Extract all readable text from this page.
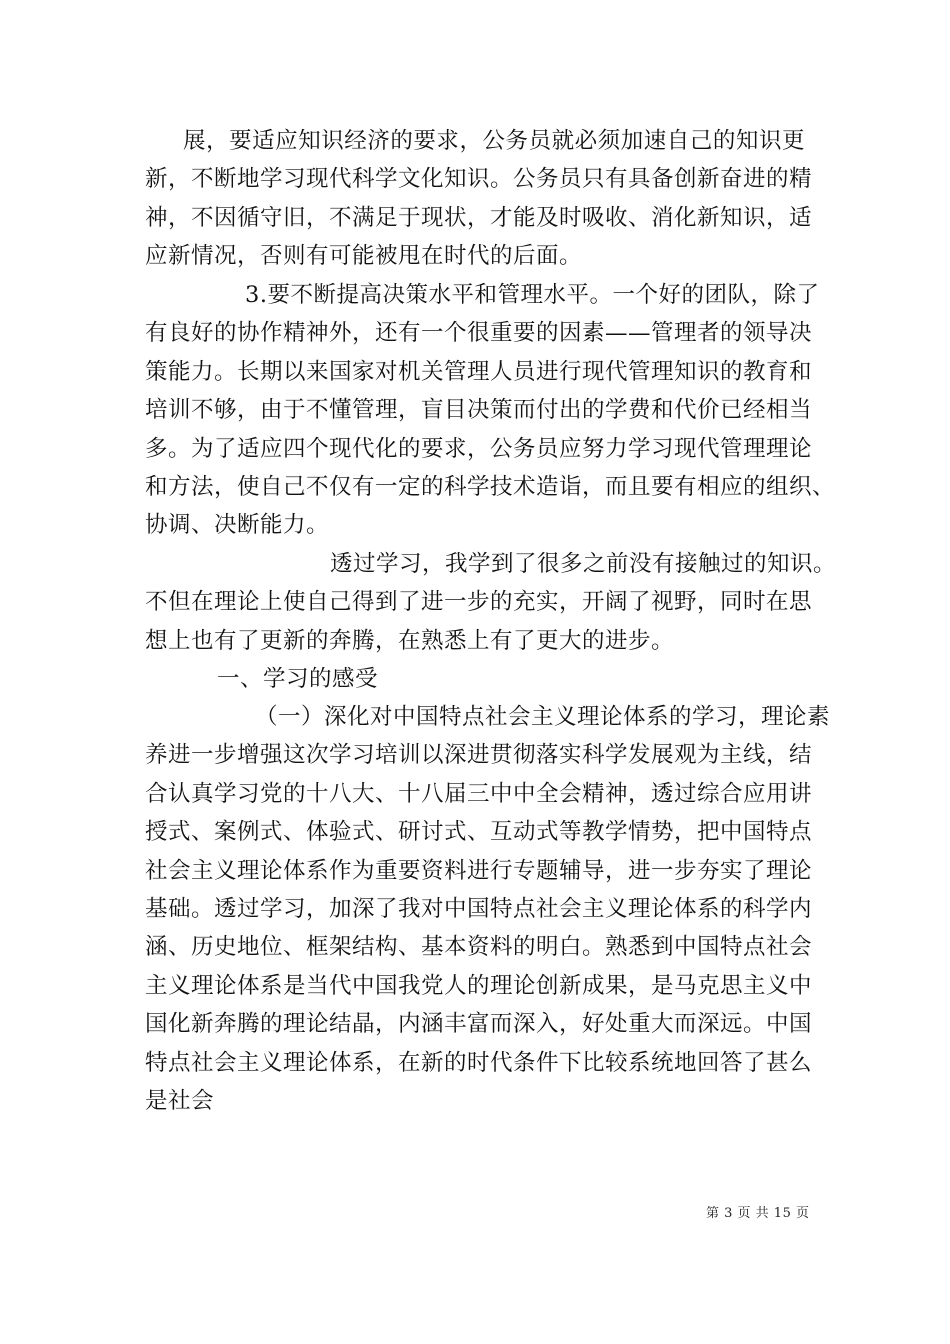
展，要适应知识经济的要求，公务员就必须加速自己的知识更
新，不断地学习现代科学文化知识。公务员只有具备创新奋进的精
神，不因循守旧，不满足于现状，才能及时吸收、消化新知识，适
应新情况，否则有可能被甩在时代的后面。
3.要不断提高决策水平和管理水平。一个好的团队，除了
有良好的协作精神外，还有一个很重要的因素——管理者的领导决
策能力。长期以来国家对机关管理人员进行现代管理知识的教育和
培训不够，由于不懂管理，盲目决策而付出的学费和代价已经相当
多。为了适应四个现代化的要求，公务员应努力学习现代管理理论
和方法，使自己不仅有一定的科学技术造诣，而且要有相应的组织、
协调、决断能力。
透过学习，我学到了很多之前没有接触过的知识。
不但在理论上使自己得到了进一步的充实，开阔了视野，同时在思
想上也有了更新的奔腾，在熟悉上有了更大的进步。
一、学习的感受
（一）深化对中国特点社会主义理论体系的学习，理论素
养进一步增强这次学习培训以深进贯彻落实科学发展观为主线，结
合认真学习党的十八大、十八届三中中全会精神，透过综合应用讲
授式、案例式、体验式、研讨式、互动式等教学情势，把中国特点
社会主义理论体系作为重要资料进行专题辅导，进一步夯实了理论
基础。透过学习，加深了我对中国特点社会主义理论体系的科学内
涵、历史地位、框架结构、基本资料的明白。熟悉到中国特点社会
主义理论体系是当代中国我党人的理论创新成果，是马克思主义中
国化新奔腾的理论结晶，内涵丰富而深入，好处重大而深远。中国
特点社会主义理论体系，在新的时代条件下比较系统地回答了甚么
是社会
第 3 页 共 15 页
